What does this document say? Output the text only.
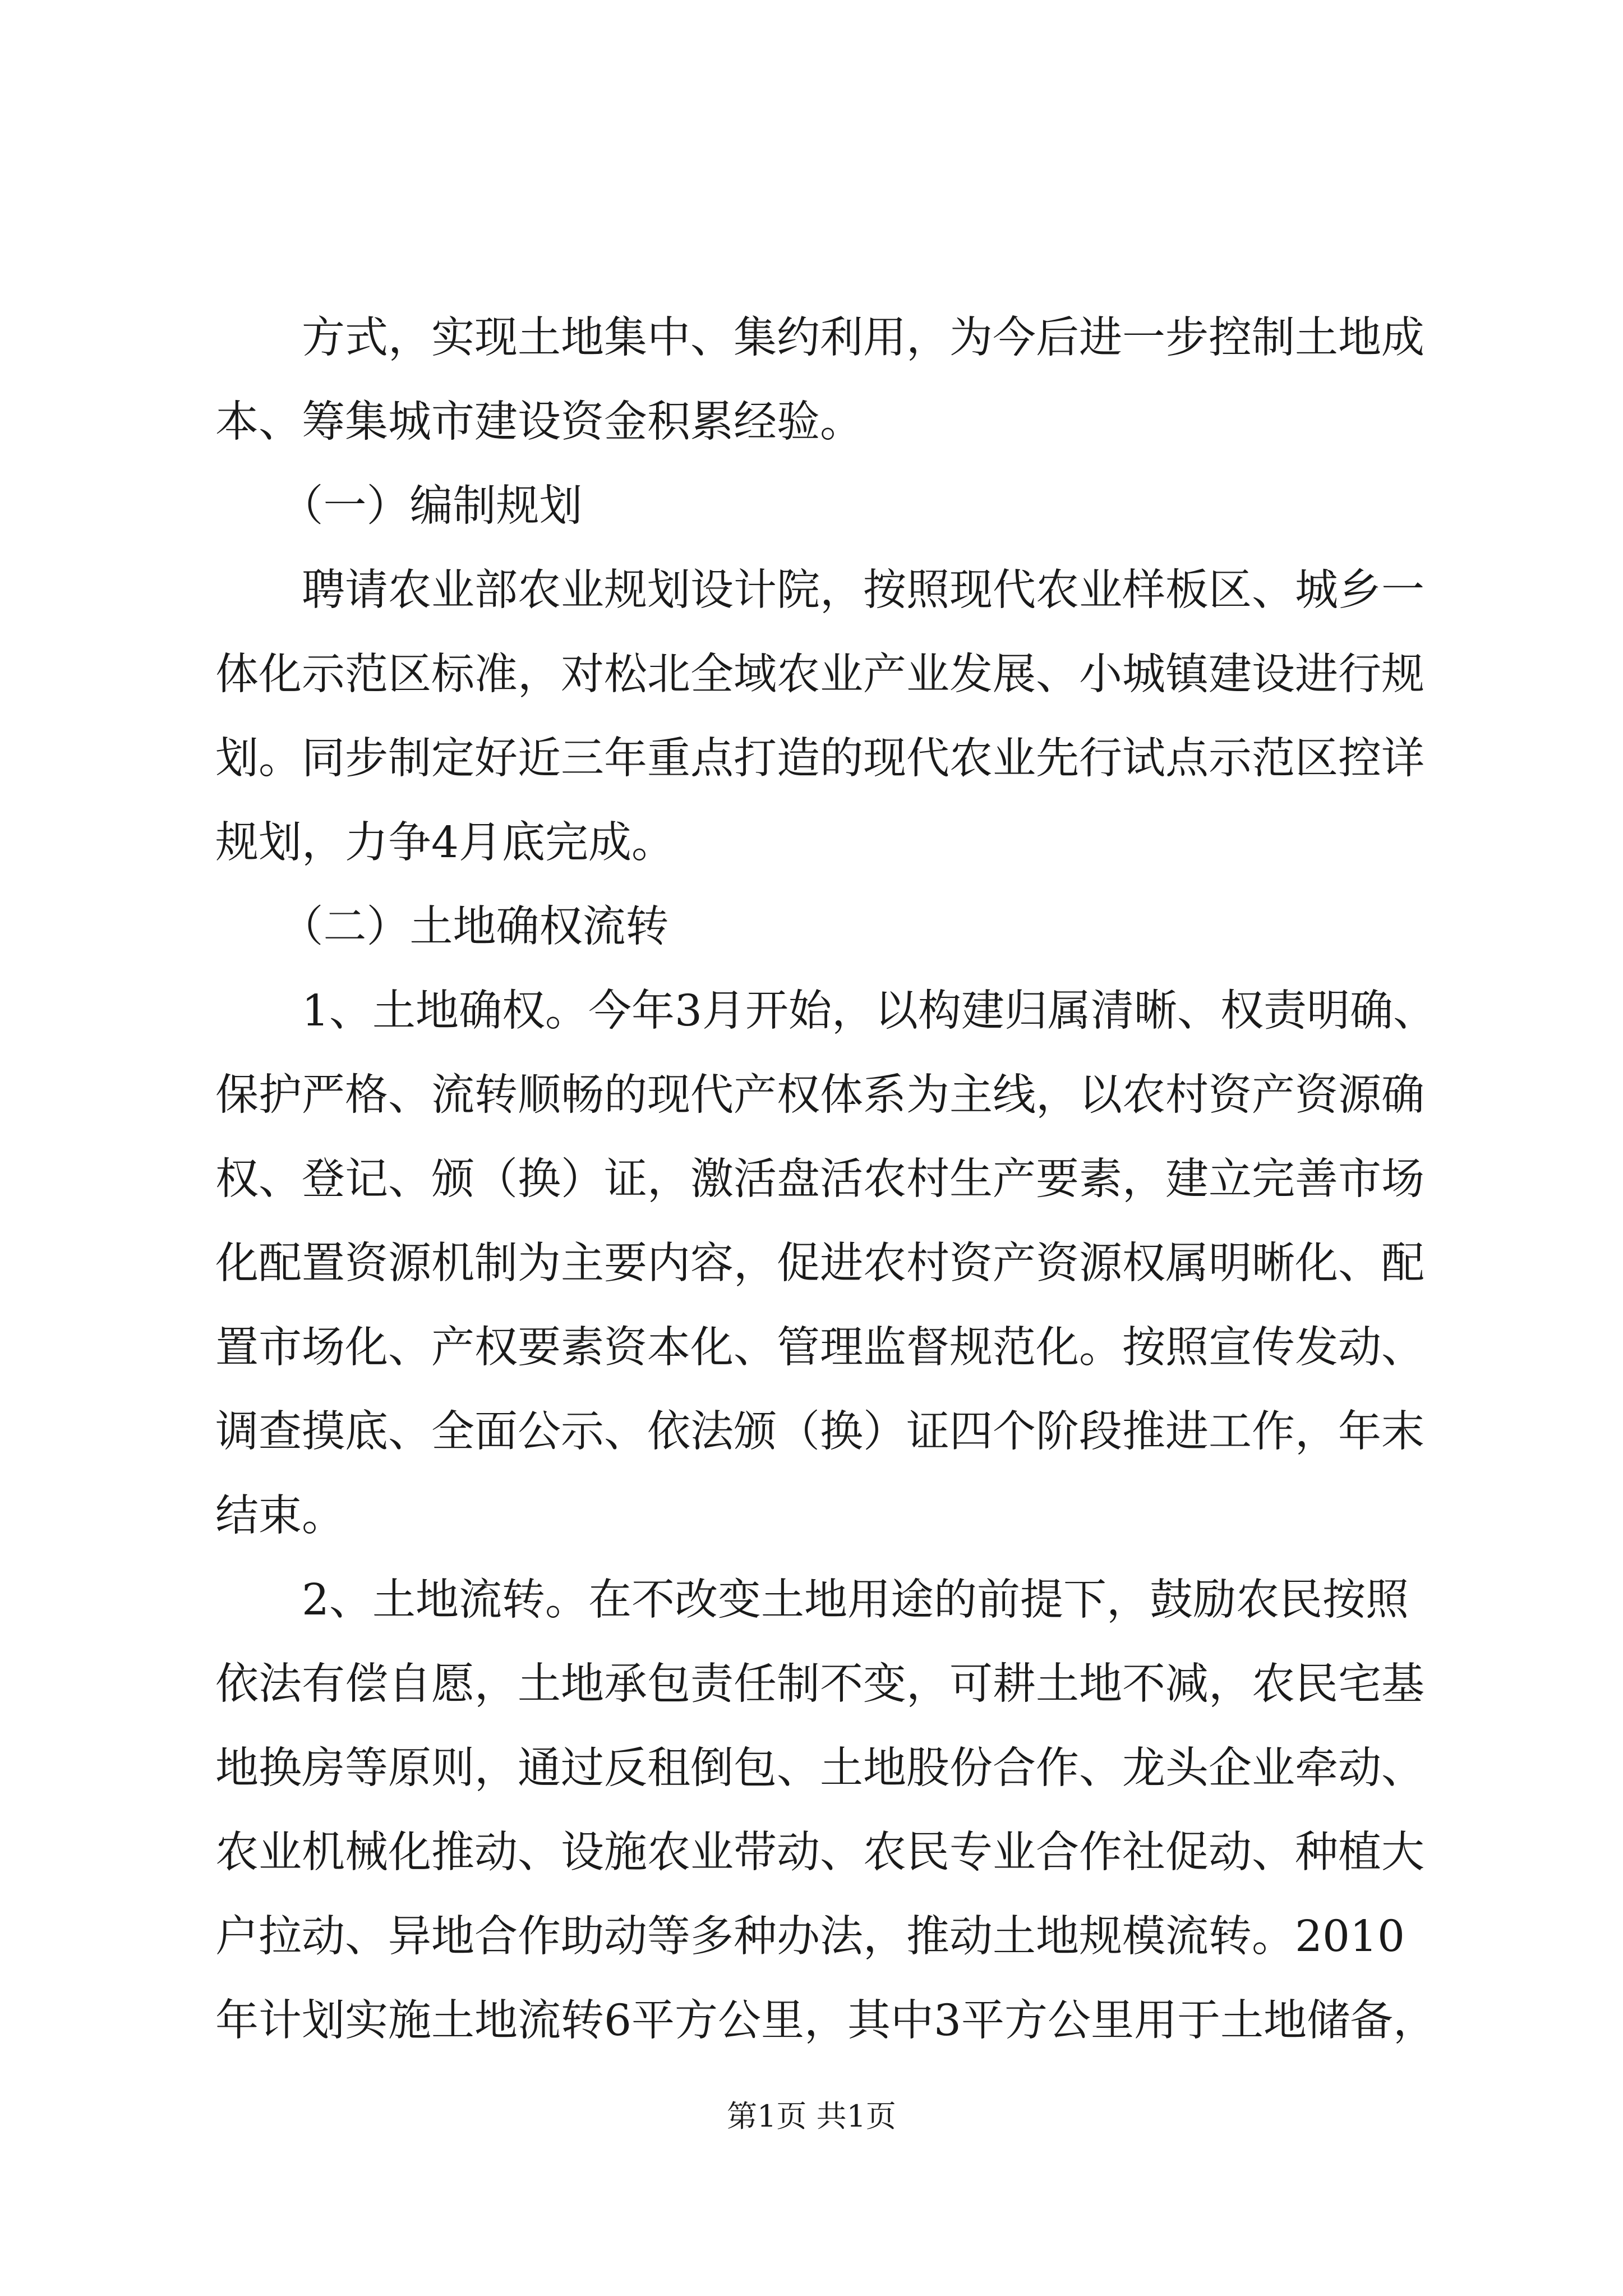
　　方式，实现土地集中、集约利用，为今后进一步控制土地成
本、筹集城市建设资金积累经验。
　　（一）编制规划
　　聘请农业部农业规划设计院，按照现代农业样板区、城乡一
体化示范区标准，对松北全域农业产业发展、小城镇建设进行规
划。同步制定好近三年重点打造的现代农业先行试点示范区控详
规划，力争4月底完成。
　　（二）土地确权流转
　　1、土地确权。今年3月开始，以构建归属清晰、权责明确、
保护严格、流转顺畅的现代产权体系为主线，以农村资产资源确
权、登记、颁（换）证，激活盘活农村生产要素，建立完善市场
化配置资源机制为主要内容，促进农村资产资源权属明晰化、配
置市场化、产权要素资本化、管理监督规范化。按照宣传发动、
调查摸底、全面公示、依法颁（换）证四个阶段推进工作，年末
结束。
　　2、土地流转。在不改变土地用途的前提下，鼓励农民按照
依法有偿自愿，土地承包责任制不变，可耕土地不减，农民宅基
地换房等原则，通过反租倒包、土地股份合作、龙头企业牵动、
农业机械化推动、设施农业带动、农民专业合作社促动、种植大
户拉动、异地合作助动等多种办法，推动土地规模流转。2010
年计划实施土地流转6平方公里，其中3平方公里用于土地储备，
第1页 共1页
